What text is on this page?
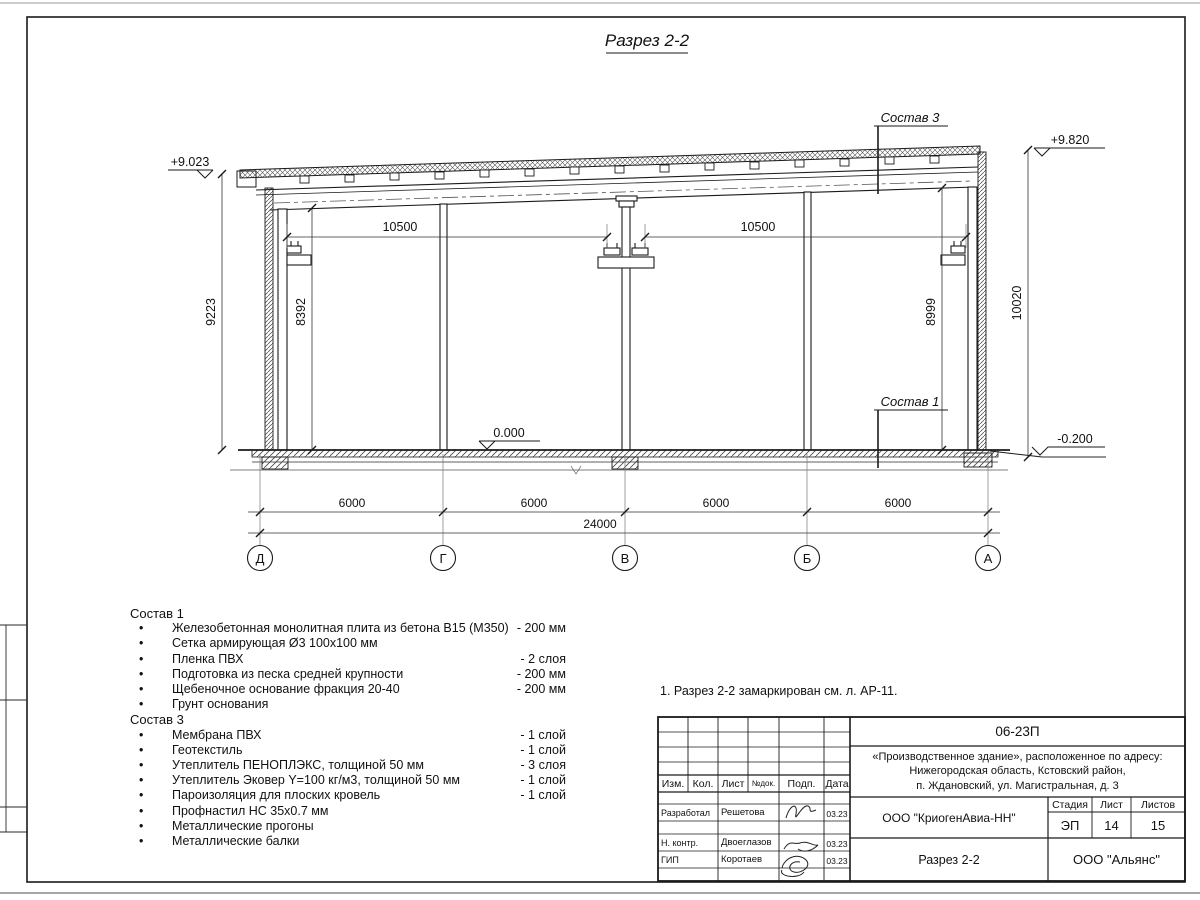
Разрез 2-2
10500	10500
9223	8392	8999	10020
+9.023
+9.820
0.000	-0.200
Состав 3
Состав 1
6000	6000	6000	6000
24000
Д	Г	В	Б	А
Состав 1
•	Железобетонная монолитная плита из бетона В15 (М350) - 200 мм
•	Сетка армирующая Ø3 100х100 мм
•	Пленка ПВХ	- 2 слоя
•	Подготовка из песка средней крупности	- 200 мм
•	Щебеночное основание фракция 20-40	- 200 мм
•	Грунт основания
Состав 3
•	Мембрана ПВХ	- 1 слой
•	Геотекстиль	- 1 слой
•	Утеплитель ПЕНОПЛЭКС, толщиной 50 мм	- 3 слоя
•	Утеплитель Эковер Y=100 кг/м3, толщиной 50 мм	- 1 слой
•	Пароизоляция для плоских кровель	- 1 слой
•	Профнастил НС 35х0.7 мм
•	Металлические прогоны
•	Металлические балки
1. Разрез 2-2 замаркирован см. л. АР-11.
Изм. Кол. Лист №док.	Подп. Дата
Разработал	Решетова	03.23
Н. контр.	Двоеглазов	03.23
ГИП	Коротаев	03.23
06-23П
«Производственное здание», расположенное по адресу:
Нижегородская область, Кстовский район,
п. Ждановский, ул. Магистральная, д. 3
ООО "КриогенАвиа-НН"
Стадия	Лист	Листов
ЭП	14	15
Разрез 2-2	ООО "Альянс"
